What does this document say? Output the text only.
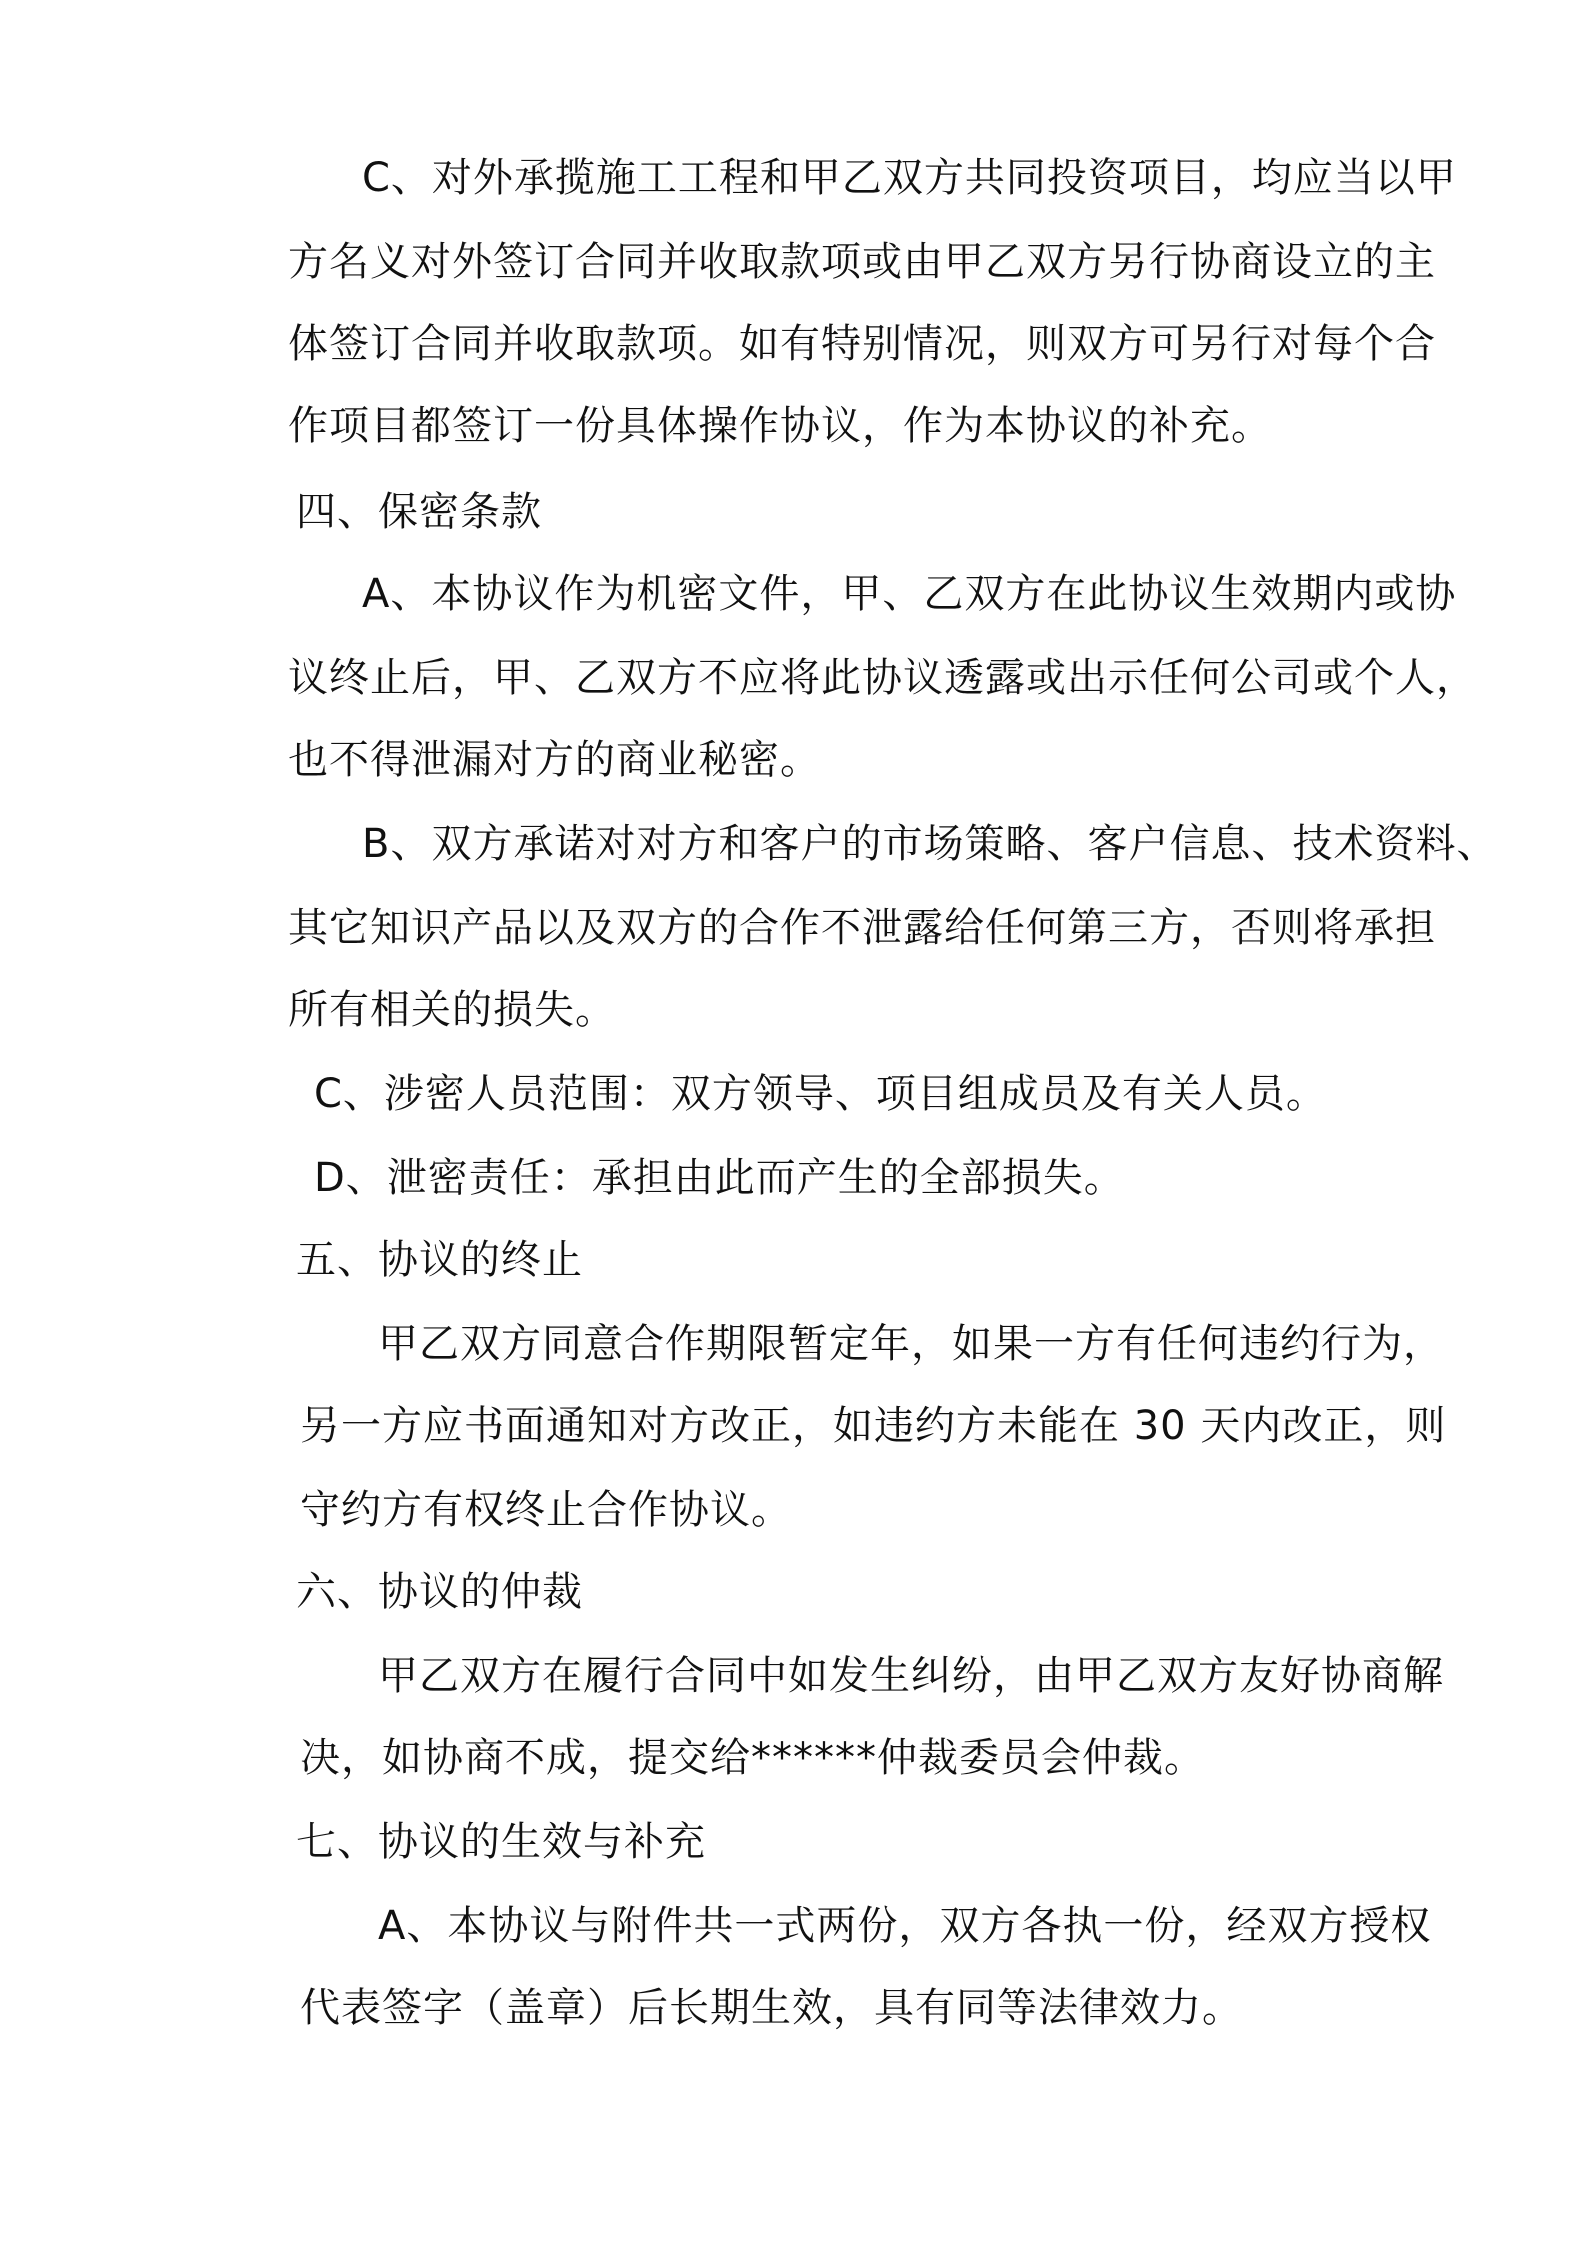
C、对外承揽施工工程和甲乙双方共同投资项目，均应当以甲
方名义对外签订合同并收取款项或由甲乙双方另行协商设立的主
体签订合同并收取款项。如有特别情况，则双方可另行对每个合
作项目都签订一份具体操作协议，作为本协议的补充。
四、保密条款
A、本协议作为机密文件，甲、乙双方在此协议生效期内或协
议终止后，甲、乙双方不应将此协议透露或出示任何公司或个人，
也不得泄漏对方的商业秘密。
B、双方承诺对对方和客户的市场策略、客户信息、技术资料、
其它知识产品以及双方的合作不泄露给任何第三方，否则将承担
所有相关的损失。
C、涉密人员范围：双方领导、项目组成员及有关人员。
D、泄密责任：承担由此而产生的全部损失。
五、协议的终止
甲乙双方同意合作期限暂定年，如果一方有任何违约行为，
另一方应书面通知对方改正，如违约方未能在 30 天内改正，则
守约方有权终止合作协议。
六、协议的仲裁
甲乙双方在履行合同中如发生纠纷，由甲乙双方友好协商解
决，如协商不成，提交给******仲裁委员会仲裁。
七、协议的生效与补充
A、本协议与附件共一式两份，双方各执一份，经双方授权
代表签字（盖章）后长期生效，具有同等法律效力。
